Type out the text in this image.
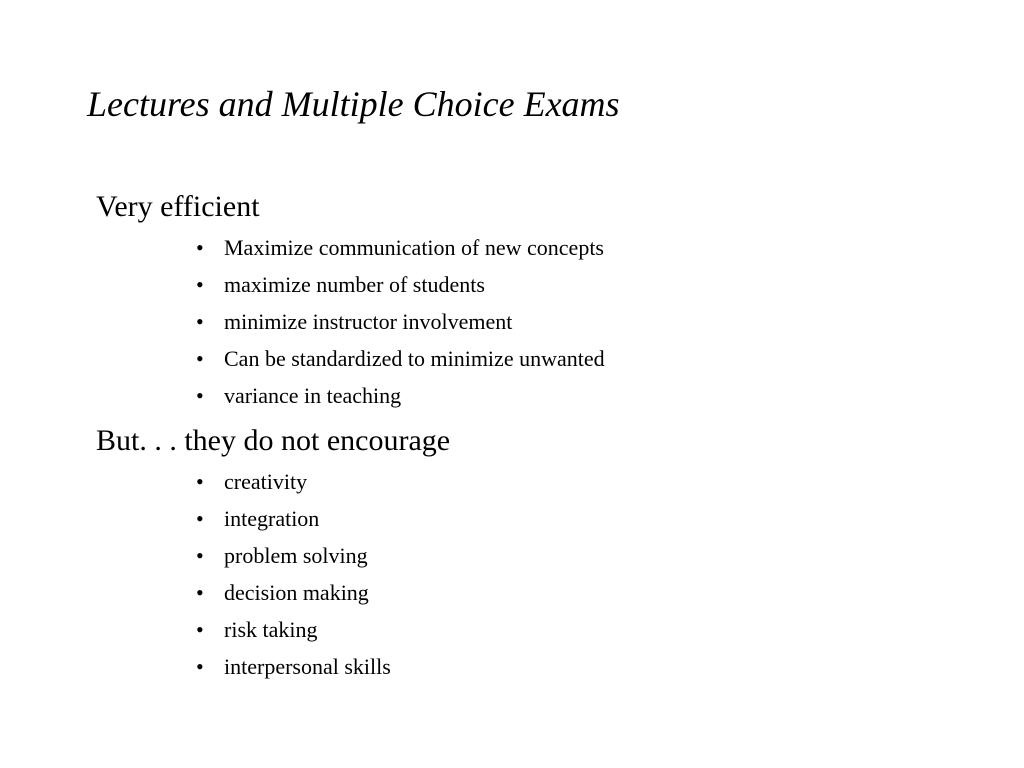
Lectures and Multiple Choice Exams
Very efficient
• Maximize communication of new concepts
• maximize number of students
• minimize instructor involvement
• Can be standardized to minimize unwanted
• variance in teaching
But. . . they do not encourage
• creativity
• integration
• problem solving
• decision making
• risk taking
• interpersonal skills
